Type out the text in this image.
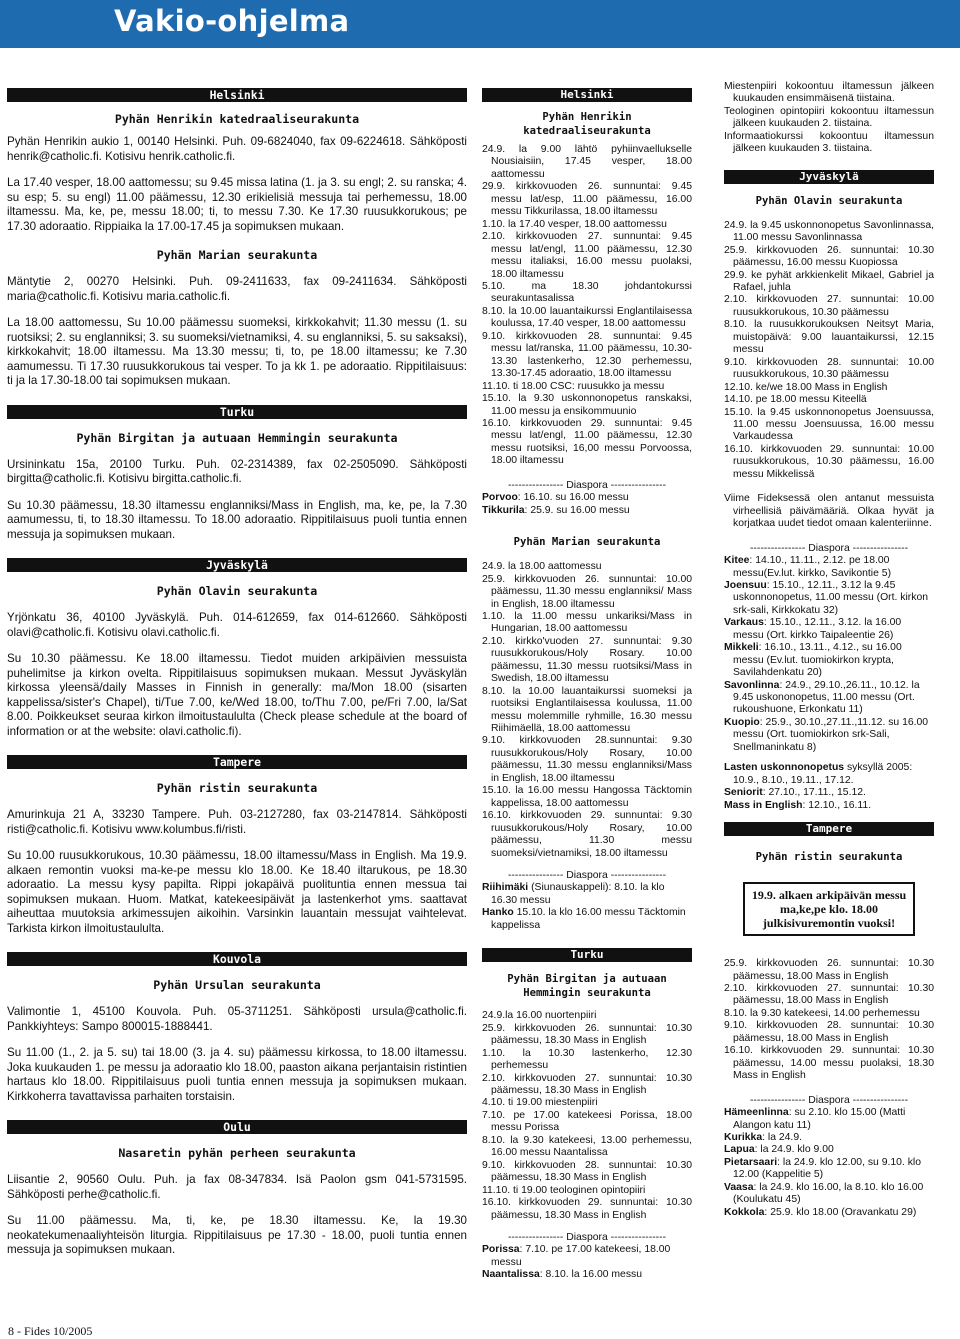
Vakio-ohjelma
Helsinki
Pyhän Henrikin katedraaliseurakunta
Pyhän Henrikin aukio 1, 00140 Helsinki. Puh. 09-6824040, fax 09-6224618. Sähköposti henrik@catholic.fi. Kotisivu henrik.catholic.fi.
La 17.40 vesper, 18.00 aattomessu; su 9.45 missa latina (1. ja 3. su engl; 2. su ranska; 4. su esp; 5. su engl) 11.00 päämessu, 12.30 erikielisiä messuja tai perhemessu, 18.00 iltamessu. Ma, ke, pe, messu 18.00; ti, to messu 7.30. Ke 17.30 ruusukkorukous; pe 17.30 adoraatio. Rippiaika la 17.00-17.45 ja sopimuksen mukaan.
Pyhän Marian seurakunta
Mäntytie 2, 00270 Helsinki. Puh. 09-2411633, fax 09-2411634. Sähköposti maria@catholic.fi. Kotisivu maria.catholic.fi.
La 18.00 aattomessu, Su 10.00 päämessu suomeksi, kirkkokahvit; 11.30 messu (1. su ruotsiksi; 2. su englanniksi; 3. su suomeksi/vietnamiksi, 4. su englanniksi, 5. su saksaksi), kirkkokahvit; 18.00 iltamessu. Ma 13.30 messu; ti, to, pe 18.00 iltamessu; ke 7.30 aamumessu. Ti 17.30 ruusukkorukous tai vesper. To ja kk 1. pe adoraatio. Rippitilaisuus: ti ja la 17.30-18.00 tai sopimuksen mukaan.
Turku
Pyhän Birgitan ja autuaan Hemmingin seurakunta
Ursininkatu 15a, 20100 Turku. Puh. 02-2314389, fax 02-2505090. Sähköposti birgitta@catholic.fi. Kotisivu birgitta.catholic.fi.
Su 10.30 päämessu, 18.30 iltamessu englanniksi/Mass in English, ma, ke, pe, la 7.30 aamumessu, ti, to 18.30 iltamessu. To 18.00 adoraatio. Rippitilaisuus puoli tuntia ennen messuja ja sopimuksen mukaan.
Jyväskylä
Pyhän Olavin seurakunta
Yrjönkatu 36, 40100 Jyväskylä. Puh. 014-612659, fax 014-612660. Sähköposti olavi@catholic.fi. Kotisivu olavi.catholic.fi.
Su 10.30 päämessu. Ke 18.00 iltamessu. Tiedot muiden arkipäivien messuista puhelimitse ja kirkon ovelta. Rippitilaisuus sopimuksen mukaan. Messut Jyväskylän kirkossa yleensä/daily Masses in Finnish in generally: ma/Mon 18.00 (sisarten kappelissa/sister's Chapel), ti/Tue 7.00, ke/Wed 18.00, to/Thu 7.00, pe/Fri 7.00, la/Sat 8.00. Poikkeukset seuraa kirkon ilmoitustaululta (Check please schedule at the board of information or at the website: olavi.catholic.fi).
Tampere
Pyhän ristin seurakunta
Amurinkuja 21 A, 33230 Tampere. Puh. 03-2127280, fax 03-2147814. Sähköposti risti@catholic.fi. Kotisivu www.kolumbus.fi/risti.
Su 10.00 ruusukkorukous, 10.30 päämessu, 18.00 iltamessu/Mass in English. Ma 19.9. alkaen remontin vuoksi ma-ke-pe messu klo 18.00. Ke 18.40 iltarukous, pe 18.30 adoraatio. La messu kysy papilta. Rippi jokapäivä puolituntia ennen messua tai sopimuksen mukaan. Huom. Matkat, katekeesipäivät ja lastenkerhot yms. saattavat aiheuttaa muutoksia arkimessujen aikoihin. Varsinkin lauantain messujat vaihtelevat. Tarkista kirkon ilmoitustaululta.
Kouvola
Pyhän Ursulan seurakunta
Valimontie 1, 45100 Kouvola. Puh. 05-3711251. Sähköposti ursula@catholic.fi. Pankkiyhteys: Sampo 800015-1888441.
Su 11.00 (1., 2. ja 5. su) tai 18.00 (3. ja 4. su) päämessu kirkossa, to 18.00 iltamessu. Joka kuukauden 1. pe messu ja adoraatio klo 18.00, paaston aikana perjantaisin ristintien hartaus klo 18.00. Rippitilaisuus puoli tuntia ennen messuja ja sopimuksen mukaan. Kirkkoherra tavattavissa parhaiten torstaisin.
Oulu
Nasaretin pyhän perheen seurakunta
Liisantie 2, 90560 Oulu. Puh. ja fax 08-347834. Isä Paolon gsm 041-5731595. Sähköposti perhe@catholic.fi.
Su 11.00 päämessu. Ma, ti, ke, pe 18.30 iltamessu. Ke, la 19.30 neokatekumenaaliyhteisön liturgia. Rippitilaisuus pe 17.30 - 18.00, puoli tuntia ennen messuja ja sopimuksen mukaan.
Helsinki
Pyhän Henrikin
katedraaliseurakunta
24.9. la 9.00 lähtö pyhiinvaellukselle Nousiaisiin, 17.45 vesper, 18.00 aattomessu
29.9. kirkkovuoden 26. sunnuntai: 9.45 messu lat/esp, 11.00 päämessu, 16.00 messu Tikkurilassa, 18.00 iltamessu
1.10. la 17.40 vesper, 18.00 aattomessu
2.10. kirkkovuoden 27. sunnuntai: 9.45 messu lat/engl, 11.00 päämessu, 12.30 messu italiaksi, 16.00 messu puolaksi, 18.00 iltamessu
5.10. ma 18.30 johdantokurssi seurakuntasalissa
8.10. la 10.00 lauantaikurssi Englantilaisessa koulussa, 17.40 vesper, 18.00 aattomessu
9.10. kirkkovuoden 28. sunnuntai: 9.45 messu lat/ranska, 11.00 päämessu, 10.30-13.30 lastenkerho, 12.30 perhemessu, 13.30-17.45 adoraatio, 18.00 iltamessu
11.10. ti 18.00 CSC: ruusukko ja messu
15.10. la 9.30 uskonnonopetus ranskaksi, 11.00 messu ja ensikommuunio
16.10. kirkkovuoden 29. sunnuntai: 9.45 messu lat/engl, 11.00 päämessu, 12.30 messu ruotsiksi, 16,00 messu Porvoossa, 18.00 iltamessu
---------------- Diaspora ----------------
Porvoo: 16.10. su 16.00 messu
Tikkurila: 25.9. su 16.00 messu
Pyhän Marian seurakunta
24.9. la 18.00 aattomessu
25.9. kirkkovuoden 26. sunnuntai: 10.00 päämessu, 11.30 messu englanniksi/ Mass in English, 18.00 iltamessu
1.10. la 11.00 messu unkariksi/Mass in Hungarian, 18.00 aattomessu
2.10. kirkko'vuoden 27. sunnuntai: 9.30 ruusukkorukous/Holy Rosary. 10.00 päämessu, 11.30 messu ruotsiksi/Mass in Swedish, 18.00 iltamessu
8.10. la 10.00 lauantaikurssi suomeksi ja ruotsiksi Englantilaisessa koulussa, 11.00 messu molemmille ryhmille, 16.30 messu Riihimäellä, 18.00 aattomessu
9.10. kirkkovuoden 28.sunnuntai: 9.30 ruusukkorukous/Holy Rosary, 10.00 päämessu, 11.30 messu englanniksi/Mass in English, 18.00 iltamessu
15.10. la 16.00 messu Hangossa Täcktomin kappelissa, 18.00 aattomessu
16.10. kirkkovuoden 29. sunnuntai: 9.30 ruusukkorukous/Holy Rosary, 10.00 päämessu, 11.30 messu suomeksi/vietnamiksi, 18.00 iltamessu
---------------- Diaspora ----------------
Riihimäki (Siunauskappeli): 8.10. la klo 16.30 messu
Hanko 15.10. la klo 16.00 messu Täcktomin kappelissa
Turku
Pyhän Birgitan ja autuaan
Hemmingin seurakunta
24.9.la 16.00 nuortenpiiri
25.9. kirkkovuoden 26. sunnuntai: 10.30 päämessu, 18.30 Mass in English
1.10. la 10.30 lastenkerho, 12.30 perhemessu
2.10. kirkkovuoden 27. sunnuntai: 10.30 päämessu, 18.30 Mass in English
4.10. ti 19.00 miestenpiiri
7.10. pe 17.00 katekeesi Porissa, 18.00 messu Porissa
8.10. la 9.30 katekeesi, 13.00 perhemessu, 16.00 messu Naantalissa
9.10. kirkkovuoden 28. sunnuntai: 10.30 päämessu, 18.30 Mass in English
11.10. ti 19.00 teologinen opintopiiri
16.10. kirkkovuoden 29. sunnuntai: 10.30 päämessu, 18.30 Mass in English
---------------- Diaspora ----------------
Porissa: 7.10. pe 17.00 katekeesi, 18.00 messu
Naantalissa: 8.10. la 16.00 messu
Miestenpiiri kokoontuu iltamessun jälkeen kuukauden ensimmäisenä tiistaina.
Teologinen opintopiiri kokoontuu iltamessun jälkeen kuukauden 2. tiistaina.
Informaatiokurssi kokoontuu iltamessun jälkeen kuukauden 3. tiistaina.
Jyväskylä
Pyhän Olavin seurakunta
24.9. la 9.45 uskonnonopetus Savonlinnassa, 11.00 messu Savonlinnassa
25.9. kirkkovuoden 26. sunnuntai: 10.30 päämessu, 16.00 messu Kuopiossa
29.9. ke pyhät arkkienkelit Mikael, Gabriel ja Rafael, juhla
2.10. kirkkovuoden 27. sunnuntai: 10.00 ruusukkorukous, 10.30 päämessu
8.10. la ruusukkorukouksen Neitsyt Maria, muistopäivä: 9.00 lauantaikurssi, 12.15 messu
9.10. kirkkovuoden 28. sunnuntai: 10.00 ruusukkorukous, 10.30 päämessu
12.10. ke/we 18.00 Mass in English
14.10. pe 18.00 messu Kiteellä
15.10. la 9.45 uskonnonopetus Joensuussa, 11.00 messu Joensuussa, 16.00 messu Varkaudessa
16.10. kirkkovuoden 29. sunnuntai: 10.00 ruusukkorukous, 10.30 päämessu, 16.00 messu Mikkelissä
Viime Fideksessä olen antanut messuista virheellisiä päivämääriä. Olkaa hyvät ja korjatkaa uudet tiedot omaan kalenteriinne.
---------------- Diaspora ----------------
Kitee: 14.10., 11.11., 2.12. pe 18.00 messu(Ev.lut. kirkko, Savikontie 5)
Joensuu: 15.10., 12.11., 3.12 la 9.45 uskonnonopetus, 11.00 messu (Ort. kirkon srk-sali, Kirkkokatu 32)
Varkaus: 15.10., 12.11., 3.12. la 16.00 messu (Ort. kirkko Taipaleentie 26)
Mikkeli: 16.10., 13.11., 4.12., su 16.00 messu (Ev.lut. tuomiokirkon krypta, Savilahdenkatu 20)
Savonlinna: 24.9., 29.10.,26.11., 10.12. la 9.45 uskononopetus, 11.00 messu (Ort. rukoushuone, Erkonkatu 11)
Kuopio: 25.9., 30.10.,27.11.,11.12. su 16.00 messu (Ort. tuomiokirkon srk-Sali, Snellmaninkatu 8)
Lasten uskonnonopetus syksyllä 2005: 10.9., 8.10., 19.11., 17.12.
Seniorit: 27.10., 17.11., 15.12.
Mass in English: 12.10., 16.11.
Tampere
Pyhän ristin seurakunta
19.9. alkaen arkipäivän messu ma,ke,pe klo. 18.00 julkisivuremontin vuoksi!
25.9. kirkkovuoden 26. sunnuntai: 10.30 päämessu, 18.00 Mass in English
2.10. kirkkovuoden 27. sunnuntai: 10.30 päämessu, 18.00 Mass in English
8.10. la 9.30 katekeesi, 14.00 perhemessu
9.10. kirkkovuoden 28. sunnuntai: 10.30 päämessu, 18.00 Mass in English
16.10. kirkkovuoden 29. sunnuntai: 10.30 päämessu, 14.00 messu puolaksi, 18.30 Mass in English
---------------- Diaspora ----------------
Hämeenlinna: su 2.10. klo 15.00 (Matti Alangon katu 11)
Kurikka: la 24.9.
Lapua: la 24.9. klo 9.00
Pietarsaari: la 24.9. klo 12.00, su 9.10. klo 12.00 (Kappelitie 5)
Vaasa: la 24.9. klo 16.00, la 8.10. klo 16.00 (Koulukatu 45)
Kokkola: 25.9. klo 18.00 (Oravankatu 29)
8 - Fides 10/2005
